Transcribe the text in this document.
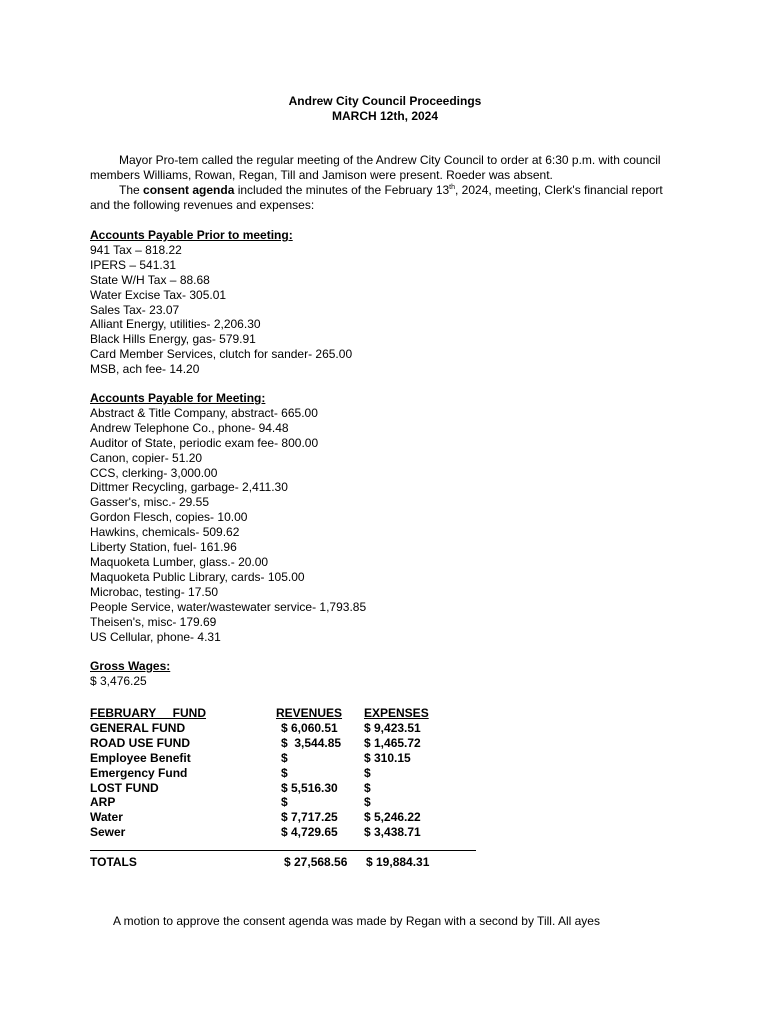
Andrew City Council Proceedings
MARCH 12th, 2024
Mayor Pro-tem called the regular meeting of the Andrew City Council to order at 6:30 p.m. with council members Williams, Rowan, Regan, Till and Jamison were present. Roeder was absent.
The consent agenda included the minutes of the February 13th, 2024, meeting, Clerk's financial report and the following revenues and expenses:
Accounts Payable Prior to meeting:
941 Tax – 818.22
IPERS – 541.31
State W/H Tax – 88.68
Water Excise Tax- 305.01
Sales Tax- 23.07
Alliant Energy, utilities- 2,206.30
Black Hills Energy, gas- 579.91
Card Member Services, clutch for sander- 265.00
MSB, ach fee- 14.20
Accounts Payable for Meeting:
Abstract & Title Company, abstract- 665.00
Andrew Telephone Co., phone- 94.48
Auditor of State, periodic exam fee- 800.00
Canon, copier- 51.20
CCS, clerking- 3,000.00
Dittmer Recycling, garbage- 2,411.30
Gasser's, misc.- 29.55
Gordon Flesch, copies- 10.00
Hawkins, chemicals- 509.62
Liberty Station, fuel- 161.96
Maquoketa Lumber, glass.- 20.00
Maquoketa Public Library, cards- 105.00
Microbac, testing- 17.50
People Service, water/wastewater service- 1,793.85
Theisen's, misc- 179.69
US Cellular, phone- 4.31
Gross Wages:
$ 3,476.25
FEBRUARY     FUND	REVENUES	EXPENSES
GENERAL FUND	$ 6,060.51	$ 9,423.51
ROAD USE FUND	$  3,544.85	$ 1,465.72
Employee Benefit	$	$ 310.15
Emergency Fund	$	$
LOST FUND	$ 5,516.30	$
ARP	$	$
Water	$ 7,717.25	$ 5,246.22
Sewer	$ 4,729.65	$ 3,438.71
TOTALS	$ 27,568.56 $ 19,884.31
A motion to approve the consent agenda was made by Regan with a second by Till. All ayes
